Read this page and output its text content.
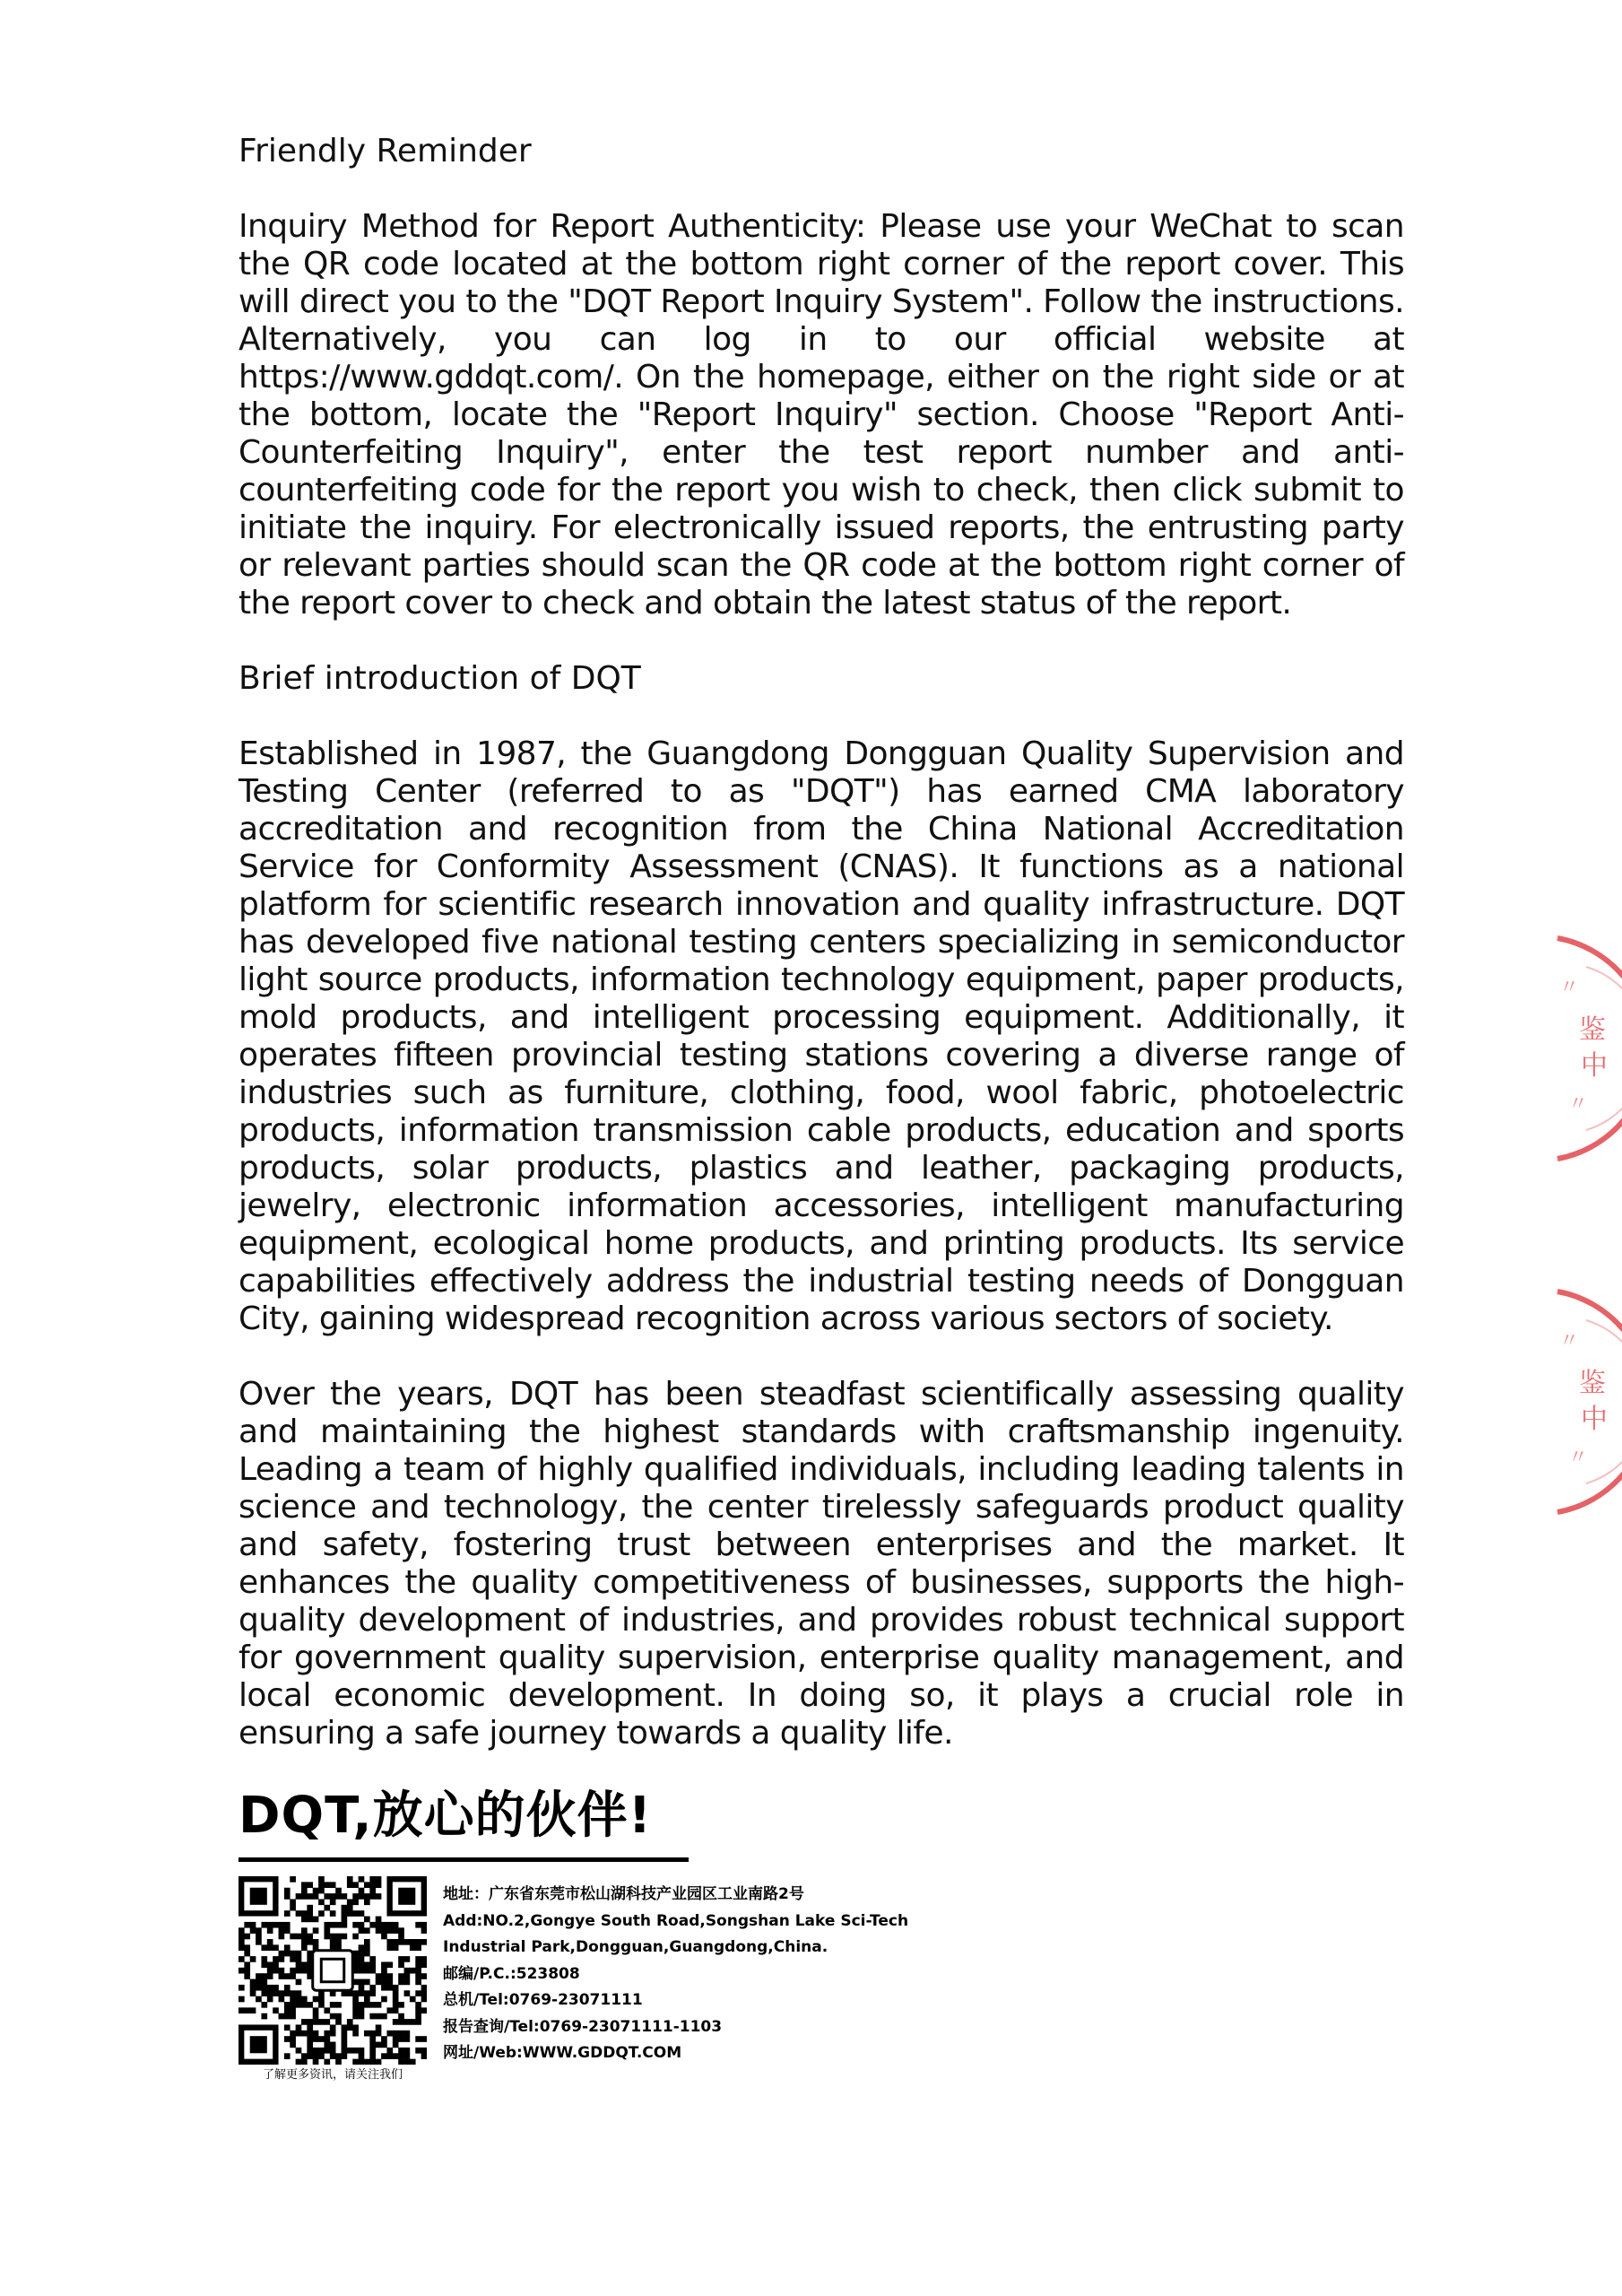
Friendly Reminder
Inquiry Method for Report Authenticity: Please use your WeChat to scan the QR code located at the bottom right corner of the report cover. This will direct you to the "DQT Report Inquiry System". Follow the instructions. Alternatively, you can log in to our official website at https://www.gddqt.com/. On the homepage, either on the right side or at the bottom, locate the "Report Inquiry" section. Choose "Report Anti-Counterfeiting Inquiry", enter the test report number and anti-counterfeiting code for the report you wish to check, then click submit to initiate the inquiry. For electronically issued reports, the entrusting party or relevant parties should scan the QR code at the bottom right corner of the report cover to check and obtain the latest status of the report.
Brief introduction of DQT
Established in 1987, the Guangdong Dongguan Quality Supervision and Testing Center (referred to as "DQT") has earned CMA laboratory accreditation and recognition from the China National Accreditation Service for Conformity Assessment (CNAS). It functions as a national platform for scientific research innovation and quality infrastructure. DQT has developed five national testing centers specializing in semiconductor light source products, information technology equipment, paper products, mold products, and intelligent processing equipment. Additionally, it operates fifteen provincial testing stations covering a diverse range of industries such as furniture, clothing, food, wool fabric, photoelectric products, information transmission cable products, education and sports products, solar products, plastics and leather, packaging products, jewelry, electronic information accessories, intelligent manufacturing equipment, ecological home products, and printing products. Its service capabilities effectively address the industrial testing needs of Dongguan City, gaining widespread recognition across various sectors of society.
Over the years, DQT has been steadfast scientifically assessing quality and maintaining the highest standards with craftsmanship ingenuity. Leading a team of highly qualified individuals, including leading talents in science and technology, the center tirelessly safeguards product quality and safety, fostering trust between enterprises and the market. It enhances the quality competitiveness of businesses, supports the high-quality development of industries, and provides robust technical support for government quality supervision, enterprise quality management, and local economic development. In doing so, it plays a crucial role in ensuring a safe journey towards a quality life.
DQT,放心的伙伴!
了解更多资讯，请关注我们
地址：广东省东莞市松山湖科技产业园区工业南路2号
Add:NO.2,Gongye South Road,Songshan Lake Sci-Tech
Industrial Park,Dongguan,Guangdong,China.
邮编/P.C.:523808
总机/Tel:0769-23071111
报告查询/Tel:0769-23071111-1103
网址/Web:WWW.GDDQT.COM
鉴
中
〃
〃
鉴
中
〃
〃
